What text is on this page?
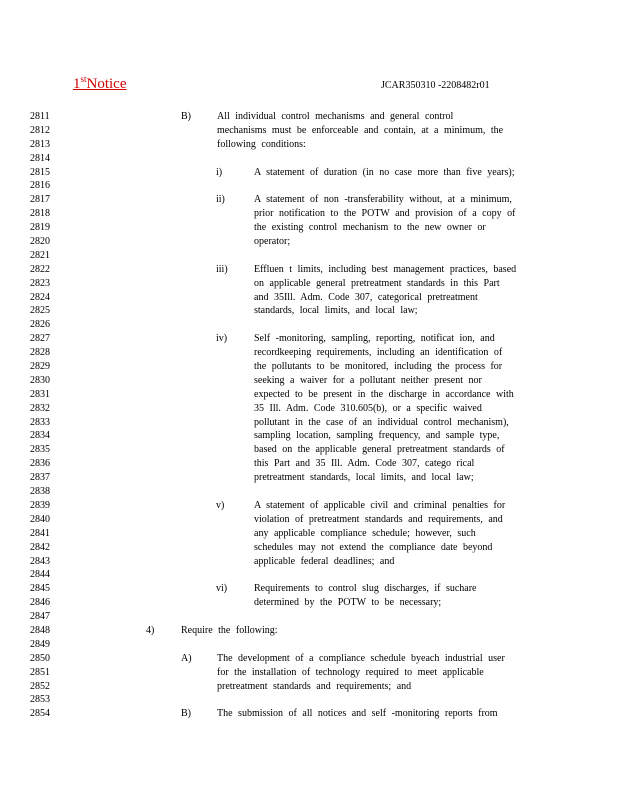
1stNotice	JCAR350310 -2208482r01
2811	B)	All individual control mechanisms and general control
2812	mechanisms must be enforceable and contain, at a minimum, the
2813	following conditions:
2814
2815	i)	A statement of duration (in no case more than five years);
2816
2817	ii)	A statement of non -transferability without, at a minimum,
2818	prior notification to the POTW and provision of a copy of
2819	the existing control mechanism to the new owner or
2820	operator;
2821
2822	iii)	Effluen t limits, including best management practices, based
2823	on applicable general pretreatment standards in this Part
2824	and 35Ill. Adm. Code 307, categorical pretreatment
2825	standards, local limits, and local law;
2826
2827	iv)	Self -monitoring, sampling, reporting, notificat ion, and
2828	recordkeeping requirements, including an identification of
2829	the pollutants to be monitored, including the process for
2830	seeking a waiver for a pollutant neither present nor
2831	expected to be present in the discharge in accordance with
2832	35 Ill. Adm. Code 310.605(b), or a specific waived
2833	pollutant in the case of an individual control mechanism),
2834	sampling location, sampling frequency, and sample type,
2835	based on the applicable general pretreatment standards of
2836	this Part and 35 Ill. Adm. Code 307, catego rical
2837	pretreatment standards, local limits, and local law;
2838
2839	v)	A statement of applicable civil and criminal penalties for
2840	violation of pretreatment standards and requirements, and
2841	any applicable compliance schedule; however, such
2842	schedules may not extend the compliance date beyond
2843	applicable federal deadlines; and
2844
2845	vi)	Requirements to control slug discharges, if suchare
2846	determined by the POTW to be necessary;
2847
2848	4)	Require the following:
2849
2850	A)	The development of a compliance schedule byeach industrial user
2851	for the installation of technology required to meet applicable
2852	pretreatment standards and requirements; and
2853
2854	B)	The submission of all notices and self -monitoring reports from
